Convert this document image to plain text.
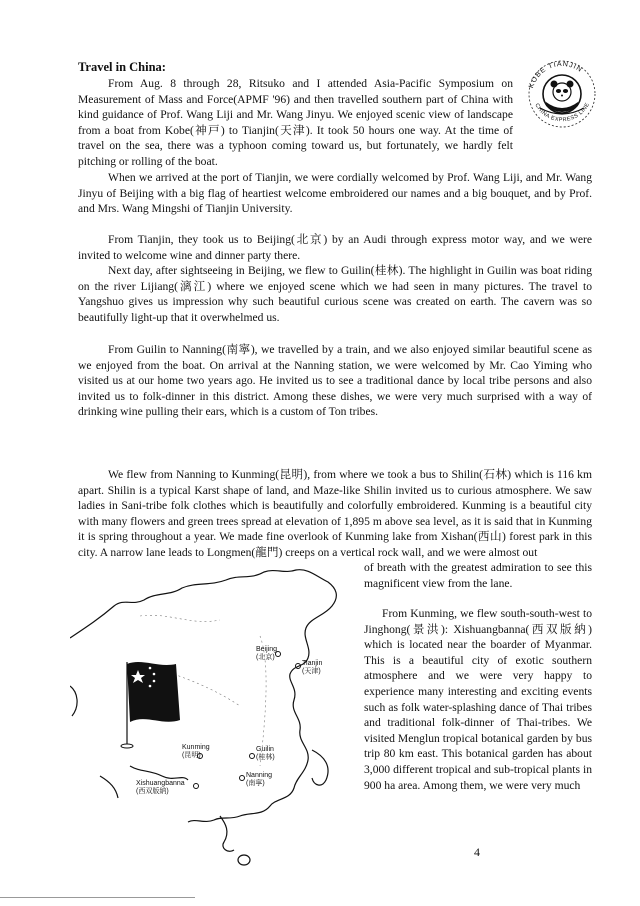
Travel in China:

From Aug. 8 through 28, Ritsuko and I attended Asia-Pacific Symposium on Measurement of Mass and Force(APMF '96) and then travelled southern part of China with kind guidance of Prof. Wang Liji and Mr. Wang Jinyu. We enjoyed scenic view of landscape from a boat from Kobe(神戸) to Tianjin(天津). It took 50 hours one way. At the time of travel on the sea, there was a typhoon coming toward us, but fortunately, we hardly felt pitching or rolling of the boat.

When we arrived at the port of Tianjin, we were cordially welcomed by Prof. Wang Liji, and Mr. Wang Jinyu of Beijing with a big flag of heartiest welcome embroidered our names and a big bouquet, and by Prof. and Mrs. Wang Mingshi of Tianjin University.

From Tianjin, they took us to Beijing(北京) by an Audi through express motor way, and we were invited to welcome wine and dinner party there.

Next day, after sightseeing in Beijing, we flew to Guilin(桂林). The highlight in Guilin was boat riding on the river Lijiang(漓江) where we enjoyed scene which we had seen in many pictures. The travel to Yangshuo gives us impression why such beautiful curious scene was created on earth. The cavern was so beautifully light-up that it overwhelmed us.

From Guilin to Nanning(南寧), we travelled by a train, and we also enjoyed similar beautiful scene as we enjoyed from the boat. On arrival at the Nanning station, we were welcomed by Mr. Cao Yiming who visited us at our home two years ago. He invited us to see a traditional dance by local tribe persons and also invited us to folk-dinner in this district. Among these dishes, we were very much surprised with a way of drinking wine pulling their ears, which is a custom of Ton tribes.

We flew from Nanning to Kunming(昆明), from where we took a bus to Shilin(石林) which is 116 km apart. Shilin is a typical Karst shape of land, and Maze-like Shilin invited us to curious atmosphere. We saw ladies in Sani-tribe folk clothes which is beautifully and colorfully embroidered. Kunming is a beautiful city with many flowers and green trees spread at elevation of 1,895 m above sea level, as it is said that in Kunming it is spring throughout a year. We made fine overlook of Kunming lake from Xishan(西山) forest park in this city. A narrow lane leads to Longmen(龍門) creeps on a vertical rock wall, and we were almost out

of breath with the greatest admiration to see this magnificent view from the lane.

From Kunming, we flew south-south-west to Jinghong(景洪): Xishuangbanna(西双版納) which is located near the boarder of Myanmar. This is a beautiful city of exotic southern atmosphere and we were very happy to experience many interesting and exciting events such as folk water-splashing dance of Thai tribes and traditional folk-dinner of Thai-tribes. We visited Menglun tropical botanical garden by bus trip 80 km east. This botanical garden has about 3,000 different tropical and sub-tropical plants in 900 ha area. Among them, we were very much

KOBE TIANJIN
CHINA EXPRESS LINE
Beijing
(北京)
Tianjin
(天津)
Kunming
(昆明)
Guilin
(桂林)
Nanning
(南寧)
Xishuangbanna
(西双版納)
4
